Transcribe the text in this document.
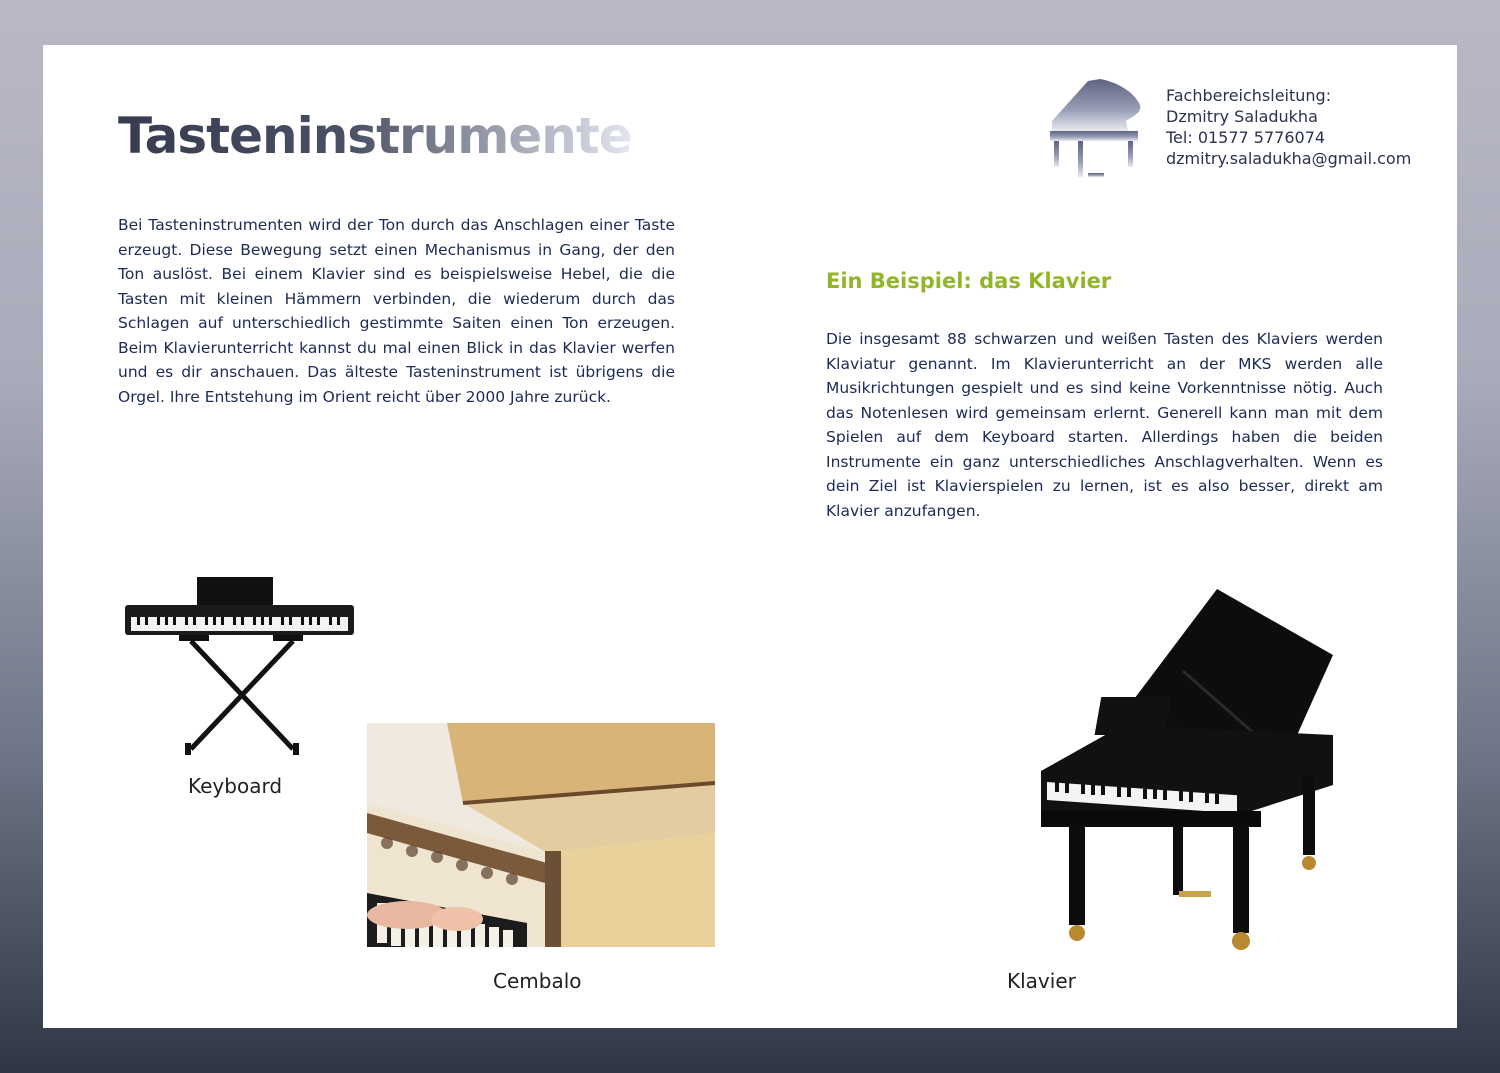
Tasteninstrumente
Fachbereichsleitung:
Dzmitry Saladukha
Tel: 01577 5776074
dzmitry.saladukha@gmail.com

Bei Tasteninstrumenten wird der Ton durch das Anschlagen einer Taste erzeugt. Diese Bewegung setzt einen Mechanismus in Gang, der den Ton auslöst. Bei einem Klavier sind es beispielsweise Hebel, die die Tasten mit kleinen Hämmern verbinden, die wiederum durch das Schlagen auf unterschiedlich gestimmte Saiten einen Ton erzeugen. Beim Klavierunterricht kannst du mal einen Blick in das Klavier werfen und es dir anschauen. Das älteste Tasteninstrument ist übrigens die Orgel. Ihre Entstehung im Orient reicht über 2000 Jahre zurück.

Ein Beispiel: das Klavier

Die insgesamt 88 schwarzen und weißen Tasten des Klaviers werden Klaviatur genannt. Im Klavierunterricht an der MKS werden alle Musikrichtungen gespielt und es sind keine Vorkenntnisse nötig. Auch das Notenlesen wird gemeinsam erlernt. Generell kann man mit dem Spielen auf dem Keyboard starten. Allerdings haben die beiden Instrumente ein ganz unterschiedliches Anschlagverhalten. Wenn es dein Ziel ist Klavierspielen zu lernen, ist es also besser, direkt am Klavier anzufangen.

Keyboard
Cembalo	Klavier
